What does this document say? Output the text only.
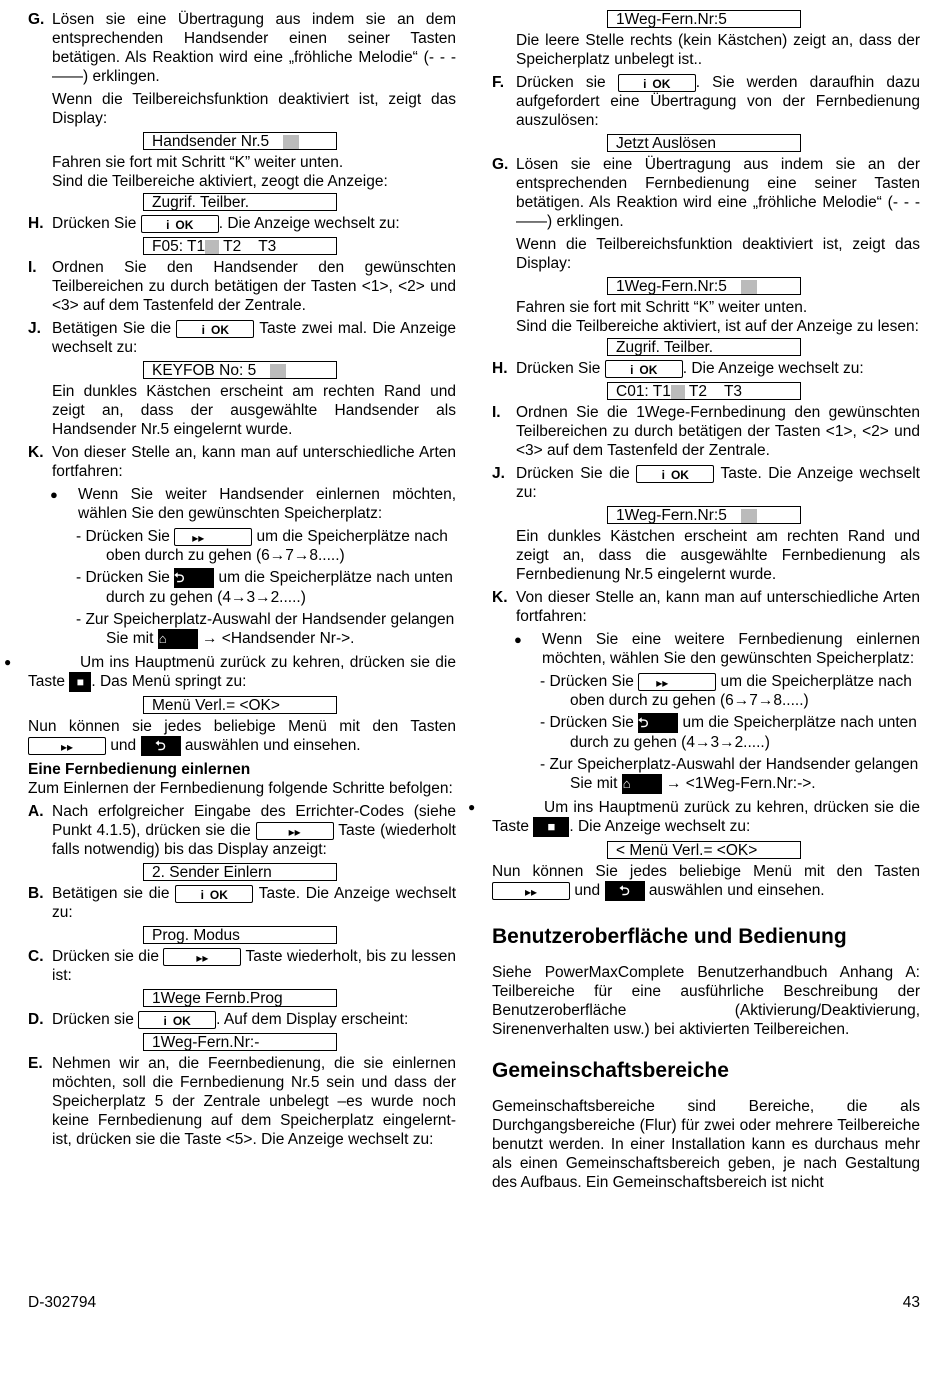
G. Lösen sie eine Übertragung aus indem sie an dem entsprechenden Handsender einen seiner Tasten betätigen. Als Reaktion wird eine „fröhliche Melodie“ (- - - ——) erklingen.
Wenn die Teilbereichsfunktion deaktiviert ist, zeigt das Display:
Handsender Nr.5
Fahren sie fort mit Schritt “K” weiter unten.
Sind die Teilbereiche aktiviert, zeogt die Anzeige:
Zugrif. Teilber.
H. Drücken Sie i OK . Die Anzeige wechselt zu:
F05: T1 T2 T3
I. Ordnen Sie den Handsender den gewünschten Teilbereichen zu durch betätigen der Tasten <1>, <2> und <3> auf dem Tastenfeld der Zentrale.
J. Betätigen Sie die	i OK Taste zwei mal. Die Anzeige wechselt zu:
KEYFOB No: 5
Ein dunkles Kästchen erscheint am rechten Rand und zeigt an, dass der ausgewählte Handsender als Handsender Nr.5 eingelernt wurde.
K. Von dieser Stelle an, kann man auf unterschiedliche Arten fortfahren:
● Wenn Sie weiter Handsender einlernen möchten, wählen Sie den gewünschten Speicherplatz:
- Drücken Sie ▸▸	um die Speicherplätze nach oben durch zu gehen (6→7→8.....)
- Drücken Sie ⮌ um die Speicherplätze nach unten durch zu gehen (4→3→2.....)
- Zur Speicherplatz-Auswahl der Handsender gelangen Sie mit ⌂ → <Handsender Nr->.
●	Um ins Hauptmenü zurück zu kehren, drücken sie die Taste ■ . Das Menü springt zu:
Menü Verl.= <OK>
Nun können sie jedes beliebige Menü mit den Tasten ▸▸ und ⮌ auswählen und einsehen.
Eine Fernbedienung einlernen
Zum Einlernen der Fernbedienung folgende Schritte befolgen:
A. Nach erfolgreicher Eingabe des Errichter-Codes (siehe Punkt 4.1.5), drücken sie die	▸▸ Taste (wiederholt falls notwendig) bis das Display anzeigt:
2. Sender Einlern
B. Betätigen sie die	i OK Taste. Die Anzeige wechselt zu:
Prog. Modus
C. Drücken sie die	▸▸ Taste wiederholt, bis zu lessen ist:
1Wege Fernb.Prog
D. Drücken sie i OK . Auf dem Display erscheint:
1Weg-Fern.Nr:-
E. Nehmen wir an, die Feernbedienung, die sie einlernen möchten, soll die Fernbedienung Nr.5 sein und dass der Speicherplatz 5 der Zentrale unbelegt –es wurde noch keine Fernbedienung auf dem Speicherplatz eingelernt- ist, drücken sie die Taste <5>. Die Anzeige wechselt zu:
1Weg-Fern.Nr:5
Die leere Stelle rechts (kein Kästchen) zeigt an, dass der Speicherplatz unbelegt ist..
F. Drücken sie	i OK . Sie werden daraufhin dazu aufgefordert eine Übertragung von der Fernbedienung auszulösen:
Jetzt Auslösen
G. Lösen sie eine Übertragung aus indem sie an der entsprechenden Fernbedienung eine seiner Tasten betätigen. Als Reaktion wird eine „fröhliche Melodie“ (- - - ——) erklingen.
Wenn die Teilbereichsfunktion deaktiviert ist, zeigt das Display:
1Weg-Fern.Nr:5
Fahren sie fort mit Schritt “K” weiter unten.
Sind die Teilbereiche aktiviert, ist auf der Anzeige zu lesen:
Zugrif. Teilber.
H. Drücken Sie i OK . Die Anzeige wechselt zu:
C01: T1 T2 T3
I. Ordnen Sie die 1Wege-Fernbedinung den gewünschten Teilbereichen zu durch betätigen der Tasten <1>, <2> und <3> auf dem Tastenfeld der Zentrale.
J. Drücken Sie die	i OK Taste. Die Anzeige wechselt zu:
1Weg-Fern.Nr:5
Ein dunkles Kästchen erscheint am rechten Rand und zeigt an, dass die ausgewählte Fernbedienung als Fernbedienung Nr.5 eingelernt wurde.
K. Von dieser Stelle an, kann man auf unterschiedliche Arten fortfahren:
● Wenn Sie eine weitere Fernbedienung einlernen möchten, wählen Sie den gewünschten Speicherplatz:
- Drücken Sie ▸▸	um die Speicherplätze nach oben durch zu gehen (6→7→8.....)
- Drücken Sie ⮌ um die Speicherplätze nach unten durch zu gehen (4→3→2.....)
- Zur Speicherplatz-Auswahl der Handsender gelangen Sie mit ⌂ → <1Weg-Fern.Nr:->.
●	Um ins Hauptmenü zurück zu kehren, drücken sie die Taste ■ . Die Anzeige wechselt zu:
< Menü Verl.= <OK>
Nun können Sie jedes beliebige Menü mit den Tasten ▸▸ und ⮌ auswählen und einsehen.
Benutzeroberfläche und Bedienung
Siehe PowerMaxComplete Benutzerhandbuch Anhang A: Teilbereiche für eine ausführliche Beschreibung der Benutzeroberfläche (Aktivierung/Deaktivierung, Sirenenverhalten usw.) bei aktivierten Teilbereichen.
Gemeinschaftsbereiche
Gemeinschaftsbereiche sind Bereiche, die als Durchgangsbereiche (Flur) für zwei oder mehrere Teilbereiche benutzt werden. In einer Installation kann es durchaus mehr als einen Gemeinschaftsbereich geben, je nach Gestaltung des Aufbaus. Ein Gemeinschaftsbereich ist nicht
D-302794	43
